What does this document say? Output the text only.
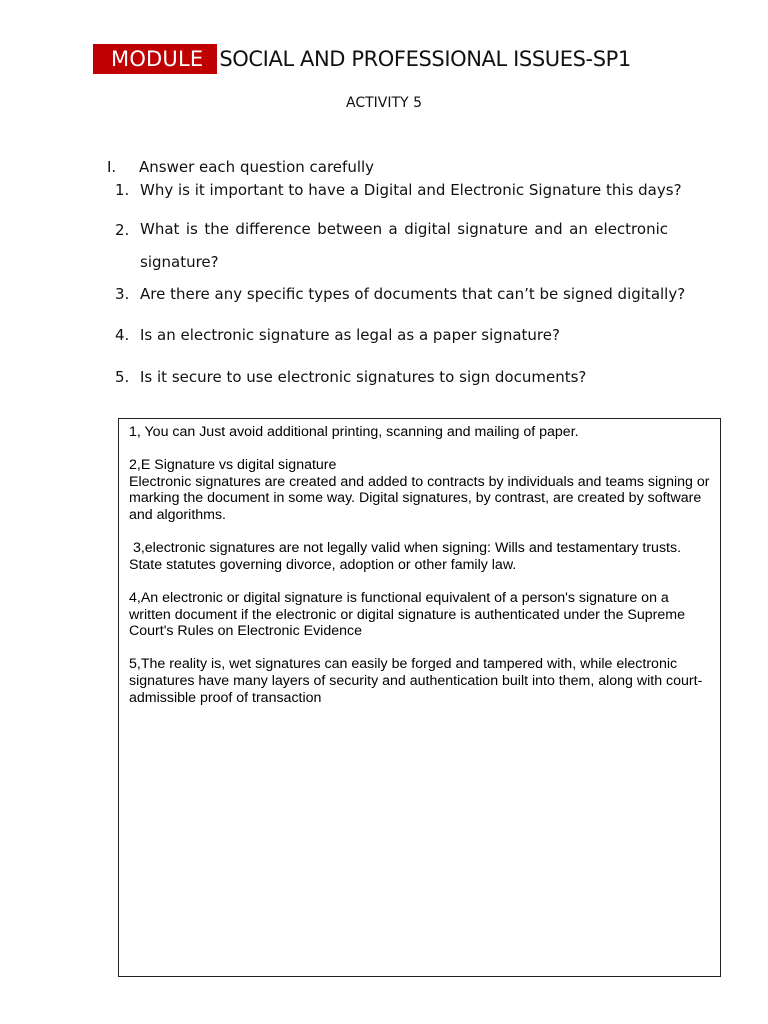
MODULE SOCIAL AND PROFESSIONAL ISSUES-SP1
ACTIVITY 5
I. Answer each question carefully
1. Why is it important to have a Digital and Electronic Signature this days?
2. What is the difference between a digital signature and an electronic signature?
3. Are there any specific types of documents that can’t be signed digitally?
4. Is an electronic signature as legal as a paper signature?
5. Is it secure to use electronic signatures to sign documents?

1, You can Just avoid additional printing, scanning and mailing of paper.

2,E Signature vs digital signature
Electronic signatures are created and added to contracts by individuals and teams signing or marking the document in some way. Digital signatures, by contrast, are created by software and algorithms.

3,electronic signatures are not legally valid when signing: Wills and testamentary trusts. State statutes governing divorce, adoption or other family law.

4,An electronic or digital signature is functional equivalent of a person's signature on a written document if the electronic or digital signature is authenticated under the Supreme Court's Rules on Electronic Evidence

5,The reality is, wet signatures can easily be forged and tampered with, while electronic signatures have many layers of security and authentication built into them, along with court-admissible proof of transaction
